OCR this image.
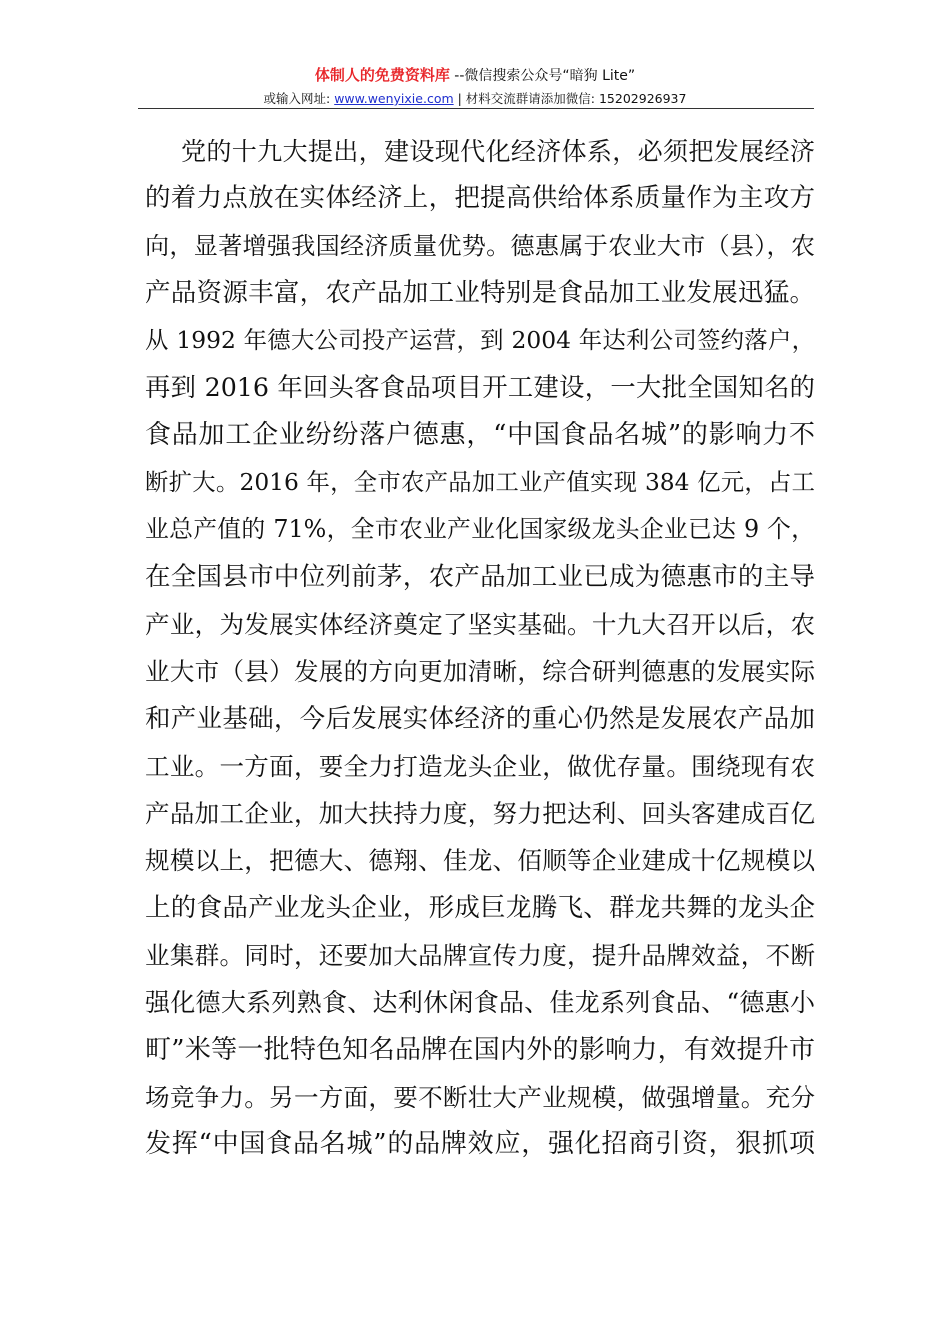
体制人的免费资料库 --微信搜索公众号“暗狗 Lite”
或输入网址: www.wenyixie.com | 材料交流群请添加微信: 15202926937
党的十九大提出，建设现代化经济体系，必须把发展经济
的着力点放在实体经济上，把提高供给体系质量作为主攻方
向，显著增强我国经济质量优势。德惠属于农业大市（县），农
产品资源丰富，农产品加工业特别是食品加工业发展迅猛。
从 1992 年德大公司投产运营，到 2004 年达利公司签约落户，
再到 2016 年回头客食品项目开工建设，一大批全国知名的
食品加工企业纷纷落户德惠，“中国食品名城”的影响力不
断扩大。2016 年，全市农产品加工业产值实现 384 亿元，占工
业总产值的 71%，全市农业产业化国家级龙头企业已达 9 个，
在全国县市中位列前茅，农产品加工业已成为德惠市的主导
产业，为发展实体经济奠定了坚实基础。十九大召开以后，农
业大市（县）发展的方向更加清晰，综合研判德惠的发展实际
和产业基础，今后发展实体经济的重心仍然是发展农产品加
工业。一方面，要全力打造龙头企业，做优存量。围绕现有农
产品加工企业，加大扶持力度，努力把达利、回头客建成百亿
规模以上，把德大、德翔、佳龙、佰顺等企业建成十亿规模以
上的食品产业龙头企业，形成巨龙腾飞、群龙共舞的龙头企
业集群。同时，还要加大品牌宣传力度，提升品牌效益，不断
强化德大系列熟食、达利休闲食品、佳龙系列食品、“德惠小
町”米等一批特色知名品牌在国内外的影响力，有效提升市
场竞争力。另一方面，要不断壮大产业规模，做强增量。充分
发挥“中国食品名城”的品牌效应，强化招商引资，狠抓项
